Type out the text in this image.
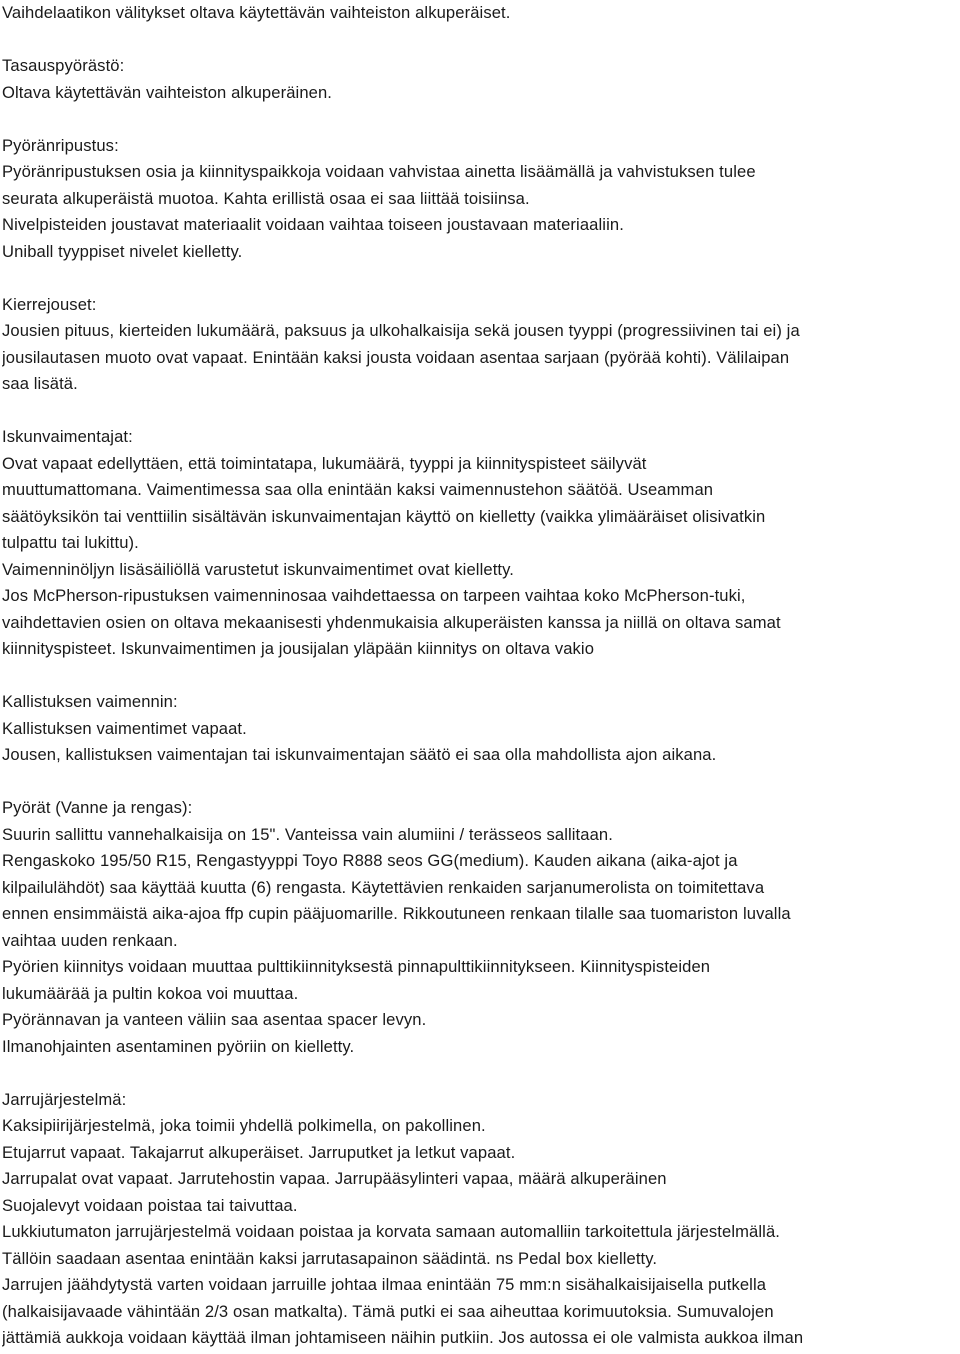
Vaihdelaatikon välitykset oltava käytettävän vaihteiston alkuperäiset.
Tasauspyörästö:
Oltava käytettävän vaihteiston alkuperäinen.
Pyöränripustus:
Pyöränripustuksen osia ja kiinnityspaikkoja voidaan vahvistaa ainetta lisäämällä ja vahvistuksen tulee
seurata alkuperäistä muotoa. Kahta erillistä osaa ei saa liittää toisiinsa.
Nivelpisteiden joustavat materiaalit voidaan vaihtaa toiseen joustavaan materiaaliin.
Uniball tyyppiset nivelet kielletty.
Kierrejouset:
Jousien pituus, kierteiden lukumäärä, paksuus ja ulkohalkaisija sekä jousen tyyppi (progressiivinen tai ei) ja
jousilautasen muoto ovat vapaat. Enintään kaksi jousta voidaan asentaa sarjaan (pyörää kohti). Välilaipan
saa lisätä.
Iskunvaimentajat:
Ovat vapaat edellyttäen, että toimintatapa, lukumäärä, tyyppi ja kiinnityspisteet säilyvät
muuttumattomana. Vaimentimessa saa olla enintään kaksi vaimennustehon säätöä. Useamman
säätöyksikön tai venttiilin sisältävän iskunvaimentajan käyttö on kielletty (vaikka ylimääräiset olisivatkin
tulpattu tai lukittu).
Vaimenninöljyn lisäsäiliöllä varustetut iskunvaimentimet ovat kielletty.
Jos McPherson-ripustuksen vaimenninosaa vaihdettaessa on tarpeen vaihtaa koko McPherson-tuki,
vaihdettavien osien on oltava mekaanisesti yhdenmukaisia alkuperäisten kanssa ja niillä on oltava samat
kiinnityspisteet. Iskunvaimentimen ja jousijalan yläpään kiinnitys on oltava vakio
Kallistuksen vaimennin:
Kallistuksen vaimentimet vapaat.
Jousen, kallistuksen vaimentajan tai iskunvaimentajan säätö ei saa olla mahdollista ajon aikana.
Pyörät (Vanne ja rengas):
Suurin sallittu vannehalkaisija on 15". Vanteissa vain alumiini / terässeos sallitaan.
Rengaskoko 195/50 R15, Rengastyyppi Toyo R888 seos GG(medium). Kauden aikana (aika-ajot ja
kilpailulähdöt) saa käyttää kuutta (6) rengasta. Käytettävien renkaiden sarjanumerolista on toimitettava
ennen ensimmäistä aika-ajoa ffp cupin pääjuomarille. Rikkoutuneen renkaan tilalle saa tuomariston luvalla
vaihtaa uuden renkaan.
Pyörien kiinnitys voidaan muuttaa pulttikiinnityksestä pinnapulttikiinnitykseen. Kiinnityspisteiden
lukumäärää ja pultin kokoa voi muuttaa.
Pyörännavan ja vanteen väliin saa asentaa spacer levyn.
Ilmanohjainten asentaminen pyöriin on kielletty.
Jarrujärjestelmä:
Kaksipiirijärjestelmä, joka toimii yhdellä polkimella, on pakollinen.
Etujarrut vapaat. Takajarrut alkuperäiset. Jarruputket ja letkut vapaat.
Jarrupalat ovat vapaat. Jarrutehostin vapaa. Jarrupääsylinteri vapaa, määrä alkuperäinen
Suojalevyt voidaan poistaa tai taivuttaa.
Lukkiutumaton jarrujärjestelmä voidaan poistaa ja korvata samaan automalliin tarkoitettula järjestelmällä.
Tällöin saadaan asentaa enintään kaksi jarrutasapainon säädintä. ns Pedal box kielletty.
Jarrujen jäähdytystä varten voidaan jarruille johtaa ilmaa enintään 75 mm:n sisähalkaisijaisella putkella
(halkaisijavaade vähintään 2/3 osan matkalta). Tämä putki ei saa aiheuttaa korimuutoksia. Sumuvalojen
jättämiä aukkoja voidaan käyttää ilman johtamiseen näihin putkiin. Jos autossa ei ole valmista aukkoa ilman
